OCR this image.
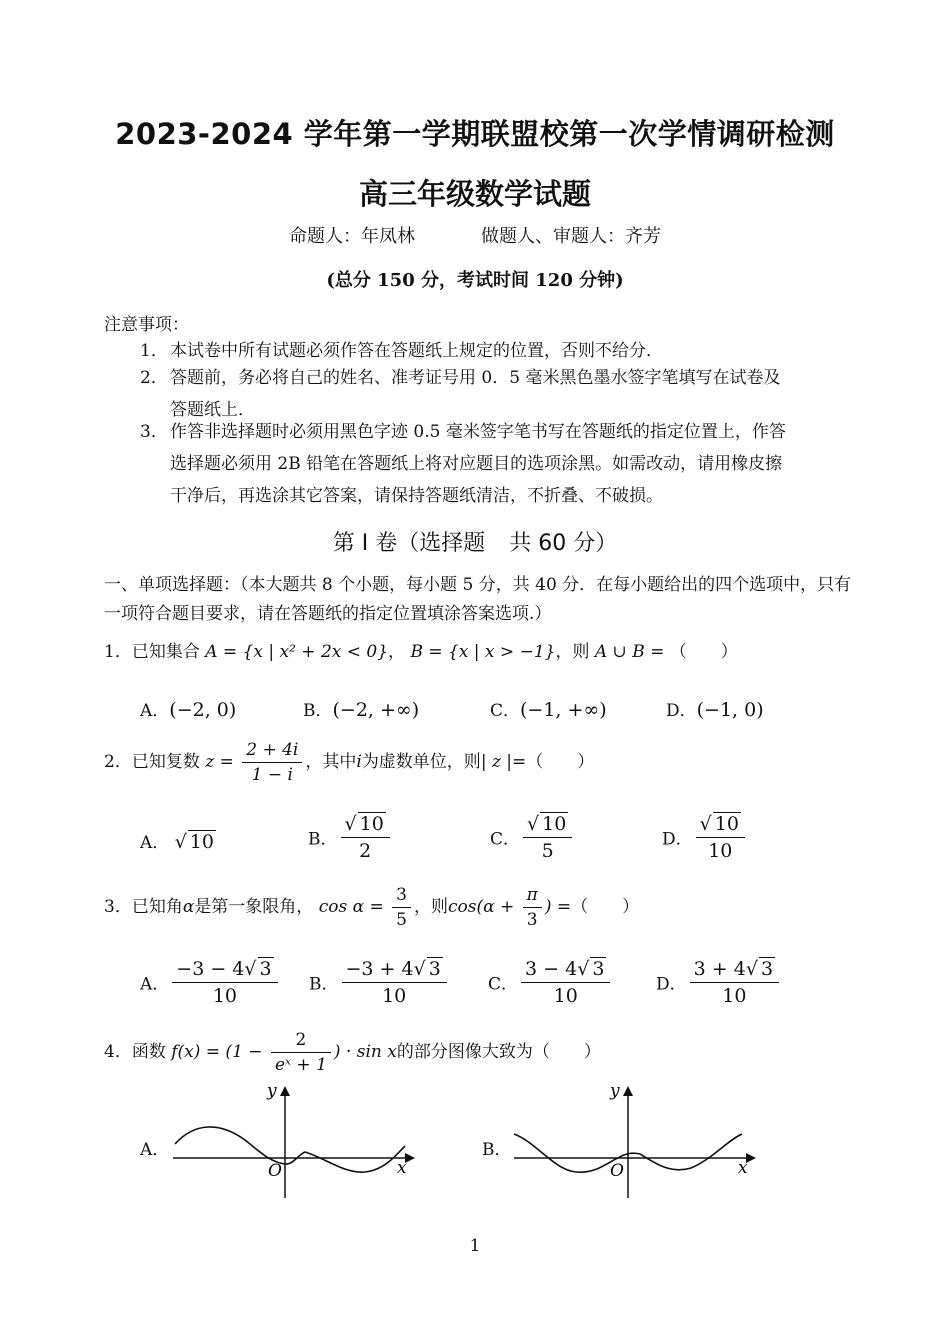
2023-2024 学年第一学期联盟校第一次学情调研检测
高三年级数学试题
命题人：年凤林	做题人、审题人：齐芳
(总分 150 分，考试时间 120 分钟)
注意事项：
1． 本试卷中所有试题必须作答在答题纸上规定的位置，否则不给分．
2． 答题前，务必将自己的姓名、准考证号用 0．5 毫米黑色墨水签字笔填写在试卷及
答题纸上．
3． 作答非选择题时必须用黑色字迹 0.5 毫米签字笔书写在答题纸的指定位置上，作答
选择题必须用 2B 铅笔在答题纸上将对应题目的选项涂黑。如需改动，请用橡皮擦
干净后，再选涂其它答案，请保持答题纸清洁，不折叠、不破损。
第 I 卷（选择题 共 60 分）
一、单项选择题：（本大题共 8 个小题，每小题 5 分，共 40 分．在每小题给出的四个选项中，只有一项符合题目要求，请在答题纸的指定位置填涂答案选项.）
1．已知集合 A = {x | x² + 2x < 0}， B = {x | x > −1}，则 A ∪ B = （　　）
A．(−2, 0)	B．(−2, +∞)	C．(−1, +∞)	D．(−1, 0)
2．已知复数 $z = \frac{2 + 4i}{1 - i}$ ，其中i为虚数单位，则| z |=（　　）
A． √ 10	B． $\frac{√ 10}{2}$	C． $\frac{√ 10}{5}$	D． $\frac{√ 10}{10}$
3．已知角α是第一象限角， $\cos \alpha = \frac{3}{5}$ ，则$\cos(\alpha + \frac{\pi}{3}$ ) =（　　）
A． $\frac{-3 - 4√ 3}{10}$ B． $\frac{-3 + 4√ 3}{10}$ C． $\frac{3 - 4√ 3}{10}$	D． $\frac{3 + 4√ 3}{10}$
4．函数 $f(x) = (1 - \frac{2}{\text{eˣ + 1}}$ ) · sin x的部分图像大致为（　　）
A．
y
x
O
B．
y
x
O
1
